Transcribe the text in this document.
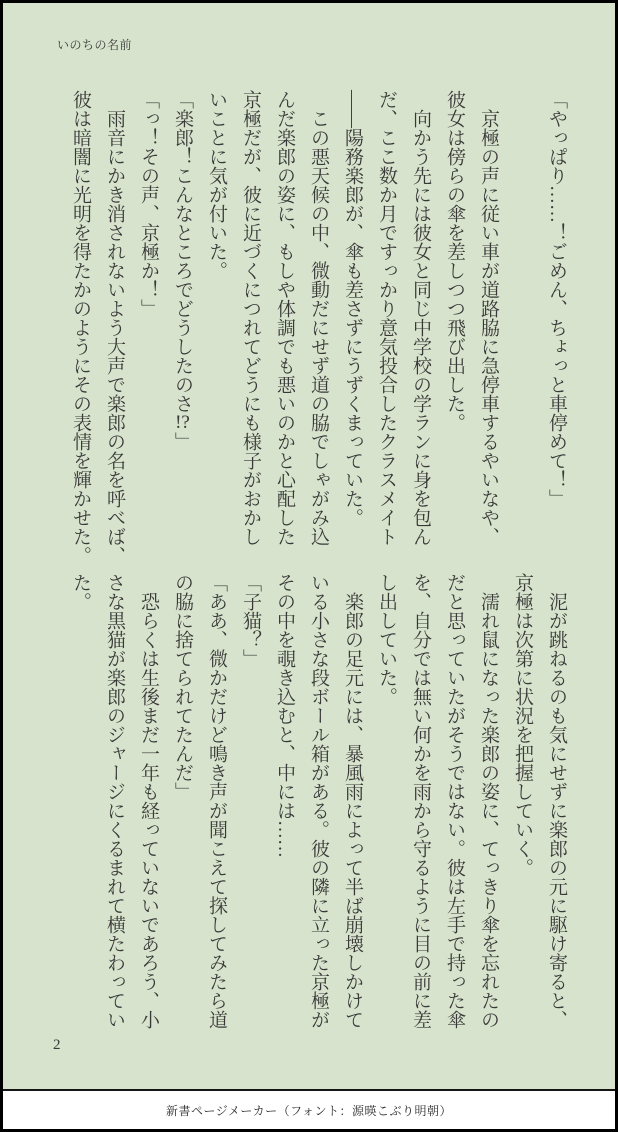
いのちの名前

「やっぱり……！ごめん、ちょっと車停めて！」

　京極の声に従い車が道路脇に急停車するやいなや、

彼女は傍らの傘を差しつつ飛び出した。

　向かう先には彼女と同じ中学校の学ランに身を包ん

だ、ここ数か月ですっかり意気投合したクラスメイト

——陽務楽郎が、傘も差さずにうずくまっていた。

　この悪天候の中、微動だにせず道の脇でしゃがみ込

んだ楽郎の姿に、もしや体調でも悪いのかと心配した

京極だが、彼に近づくにつれてどうにも様子がおかし

いことに気が付いた。

「楽郎！こんなところでどうしたのさ!?」

「っ！その声、京極か！」

　雨音にかき消されないよう大声で楽郎の名を呼べば、

彼は暗闇に光明を得たかのようにその表情を輝かせた。

　泥が跳ねるのも気にせずに楽郎の元に駆け寄ると、

京極は次第に状況を把握していく。

　濡れ鼠になった楽郎の姿に、てっきり傘を忘れたの

だと思っていたがそうではない。彼は左手で持った傘

を、自分では無い何かを雨から守るように目の前に差

し出していた。

　楽郎の足元には、暴風雨によって半ば崩壊しかけて

いる小さな段ボール箱がある。彼の隣に立った京極が

その中を覗き込むと、中には……

「子猫？」

「ああ、微かだけど鳴き声が聞こえて探してみたら道

の脇に捨てられてたんだ」

　恐らくは生後まだ一年も経っていないであろう、小

さな黒猫が楽郎のジャージにくるまれて横たわってい

た。

2
新書ページメーカー（フォント：源暎こぶり明朝）
